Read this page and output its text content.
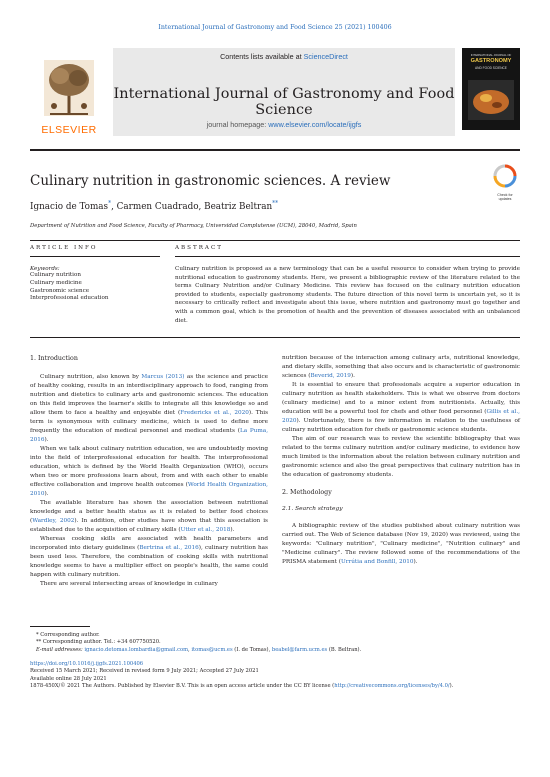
International Journal of Gastronomy and Food Science 25 (2021) 100406
ELSEVIER
Contents lists available at ScienceDirect
International Journal of Gastronomy and Food Science
journal homepage: www.elsevier.com/locate/ijgfs
INTERNATIONAL JOURNAL OF
GASTRONOMY
AND FOOD SCIENCE
Culinary nutrition in gastronomic sciences. A review
Check for
updates
Ignacio de Tomas*, Carmen Cuadrado, Beatriz Beltran**
Department of Nutrition and Food Science, Faculty of Pharmacy, Universidad Complutense (UCM), 28040, Madrid, Spain
ARTICLE INFO	ABSTRACT
Keywords:
Culinary nutrition
Culinary medicine
Gastronomic science
Interprofessional education
Culinary nutrition is proposed as a new terminology that can be a useful resource to consider when trying to provide nutritional education to gastronomy students. Here, we present a bibliographic review of the literature related to the terms Culinary Nutrition and/or Culinary Medicine. This review has focused on the culinary nutrition education provided to students, especially gastronomy students. The future direction of this novel term is uncertain yet, so it is necessary to critically reflect and investigate about this issue, where nutrition and gastronomy must go together and with a common goal, which is the promotion of health and the prevention of diseases associated with an unbalanced diet.
1. Introduction

Culinary nutrition, also known by Marcus (2013) as the science and practice of healthy cooking, results in an interdisciplinary approach to food, ranging from nutrition and dietetics to culinary arts and gastronomic sciences. The education on this field improves the learner's skills to integrate all this knowledge so and allow them to face a healthy and enjoyable diet (Fredericks et al., 2020). This term is synonymous with culinary medicine, which is used to define more frequently the education of medical personnel and medical students (La Puma, 2016).

When we talk about culinary nutrition education, we are undoubtedly moving into the field of interprofessional education for health. The interprofessional education, which is defined by the World Health Organization (WHO), occurs when two or more professions learn about, from and with each other to enable effective collaboration and improve health outcomes (World Health Organization, 2010).

The available literature has shown the association between nutritional knowledge and a better health status as it is related to better food choices (Wardley, 2002). In addition, other studies have shown that this association is established due to the acquisition of culinary skills (Utter et al., 2018).

Whereas cooking skills are associated with health parameters and incorporated into dietary guidelines (Bertrina et al., 2016), culinary nutrition has been used less. Therefore, the combination of cooking skills with nutritional knowledge seems to have a multiplier effect on people's health, the same could happen with culinary nutrition.

There are several intersecting areas of knowledge in culinary

nutrition because of the interaction among culinary arts, nutritional knowledge, and dietary skills, something that also occurs and is characteristic of gastronomic sciences (Beverid, 2019).

It is essential to ensure that professionals acquire a superior education in culinary nutrition as health stakeholders. This is what we observe from doctors (culinary medicine) and to a minor extent from nutritionists. Actually, this education will be a powerful tool for chefs and other food personnel (Gillis et al., 2020). Unfortunately, there is few information in relation to the usefulness of culinary nutrition education for chefs or gastronomic science students.

The aim of our research was to review the scientific bibliography that was related to the terms culinary nutrition and/or culinary medicine, to evidence how much limited is the information about the relation between culinary nutrition and gastronomic science and also the great perspectives that culinary nutrition has in the education of gastronomy students.

2. Methodology
2.1. Search strategy

A bibliographic review of the studies published about culinary nutrition was carried out. The Web of Science database (Nov 19, 2020) was reviewed, using the keywords: "Culinary nutrition", "Culinary medicine", "Nutrition culinary" and "Medicine culinary". The review followed some of the recommendations of the PRISMA statement (Urrútia and Bonfill, 2010).

* Corresponding author.
** Corresponding author. Tel.: +34 607750520.
E-mail addresses: ignacio.detomas.lombardia@gmail.com, itomas@ucm.es (I. de Tomas), beabel@farm.ucm.es (B. Beltran).
https://doi.org/10.1016/j.ijgfs.2021.100406
Received 15 March 2021; Received in revised form 9 July 2021; Accepted 27 July 2021
Available online 28 July 2021
1878-450X/© 2021 The Authors. Published by Elsevier B.V. This is an open access article under the CC BY license (http://creativecommons.org/licenses/by/4.0/).
